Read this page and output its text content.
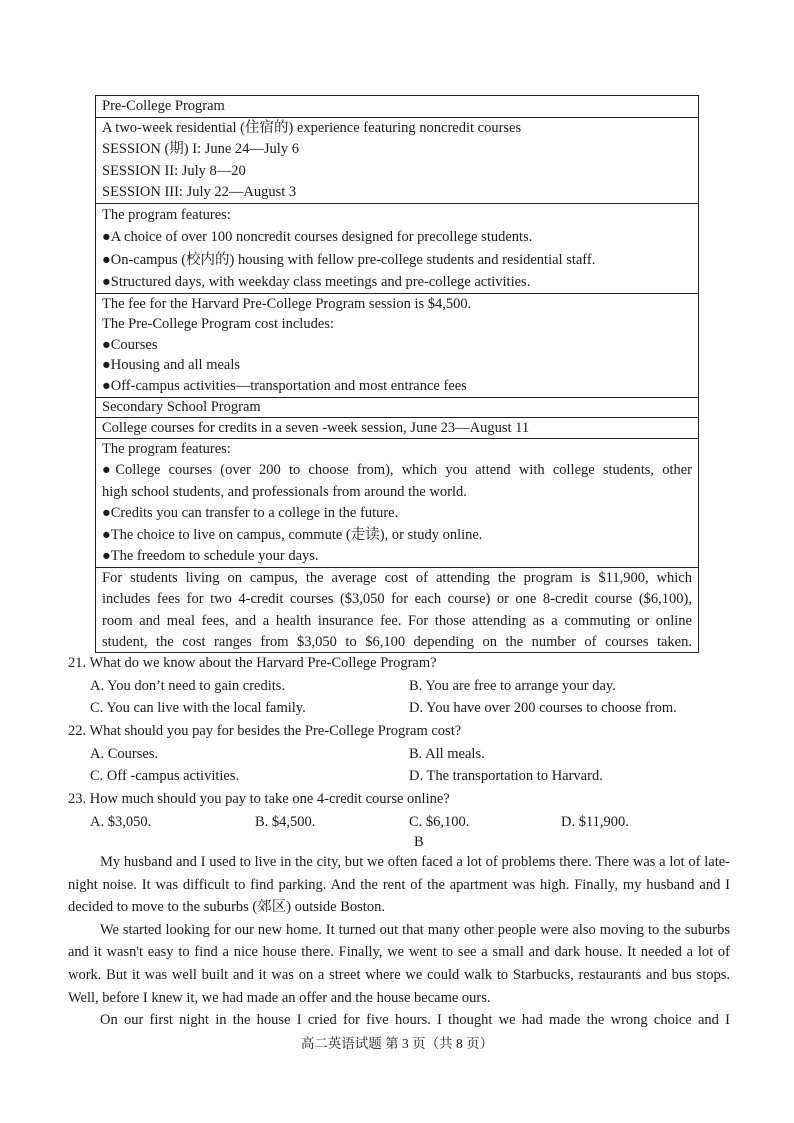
Pre-College Program
A two-week residential (住宿的) experience featuring noncredit courses
SESSION (期) I: June 24—July 6
SESSION II: July 8—20
SESSION III: July 22—August 3
The program features:
●A choice of over 100 noncredit courses designed for precollege students.
●On-campus (校内的) housing with fellow pre-college students and residential staff.
●Structured days, with weekday class meetings and pre-college activities.
The fee for the Harvard Pre-College Program session is $4,500.
The Pre-College Program cost includes:
●Courses
●Housing and all meals
●Off-campus activities—transportation and most entrance fees
Secondary School Program
College courses for credits in a seven -week session, June 23—August 11
The program features:
●College courses (over 200 to choose from), which you attend with college students, other
high school students, and professionals from around the world.
●Credits you can transfer to a college in the future.
●The choice to live on campus, commute (走读), or study online.
●The freedom to schedule your days.
For students living on campus, the average cost of attending the program is $11,900, which
includes fees for two 4-credit courses ($3,050 for each course) or one 8-credit course ($6,100),
room and meal fees, and a health insurance fee. For those attending as a commuting or online
student, the cost ranges from $3,050 to $6,100 depending on the number of courses taken.
21. What do we know about the Harvard Pre-College Program?
A. You don’t need to gain credits.	B. You are free to arrange your day.
C. You can live with the local family.	D. You have over 200 courses to choose from.
22. What should you pay for besides the Pre-College Program cost?
A. Courses.	B. All meals.
C. Off -campus activities.	D. The transportation to Harvard.
23. How much should you pay to take one 4-credit course online?
A. $3,050.	B. $4,500.	C. $6,100.	D. $11,900.
B

My husband and I used to live in the city, but we often faced a lot of problems there. There was a lot of late-night noise. It was difficult to find parking. And the rent of the apartment was high. Finally, my husband and I decided to move to the suburbs (郊区) outside Boston.

We started looking for our new home. It turned out that many other people were also moving to the suburbs and it wasn't easy to find a nice house there. Finally, we went to see a small and dark house. It needed a lot of work. But it was well built and it was on a street where we could walk to Starbucks, restaurants and bus stops. Well, before I knew it, we had made an offer and the house became ours.

On our first night in the house I cried for five hours. I thought we had made the wrong choice and I

高二英语试题 第 3 页（共 8 页）
